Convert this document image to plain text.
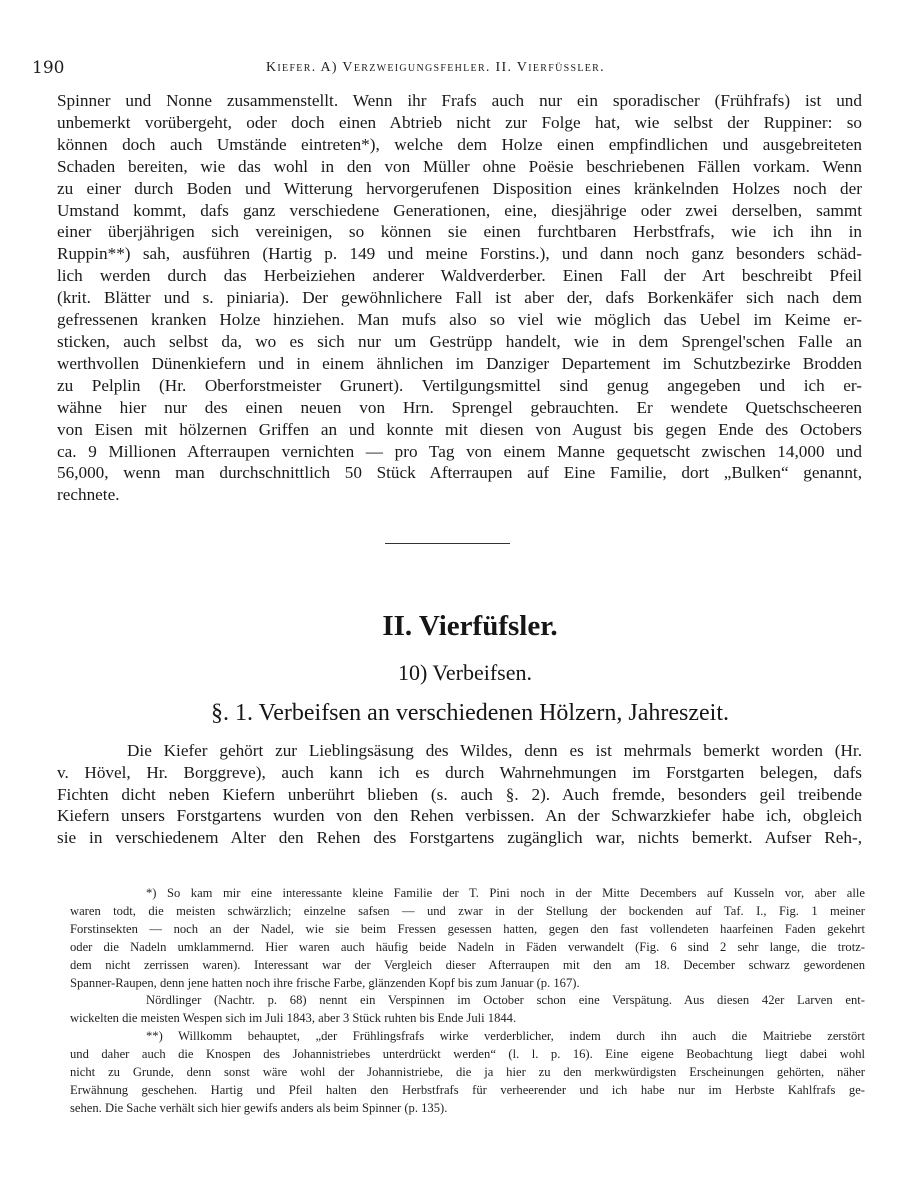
190	Kiefer. A) Verzweigungsfehler. II. Vierfüssler.
Spinner und Nonne zusammenstellt. Wenn ihr Frafs auch nur ein sporadischer (Frühfrafs) ist und
unbemerkt vorübergeht, oder doch einen Abtrieb nicht zur Folge hat, wie selbst der Ruppiner: so
können doch auch Umstände eintreten*), welche dem Holze einen empfindlichen und ausgebreiteten
Schaden bereiten, wie das wohl in den von Müller ohne Poësie beschriebenen Fällen vorkam. Wenn
zu einer durch Boden und Witterung hervorgerufenen Disposition eines kränkelnden Holzes noch der
Umstand kommt, dafs ganz verschiedene Generationen, eine, diesjährige oder zwei derselben, sammt
einer überjährigen sich vereinigen, so können sie einen furchtbaren Herbstfrafs, wie ich ihn in
Ruppin**) sah, ausführen (Hartig p. 149 und meine Forstins.), und dann noch ganz besonders schäd-
lich werden durch das Herbeiziehen anderer Waldverderber. Einen Fall der Art beschreibt Pfeil
(krit. Blätter und s. piniaria). Der gewöhnlichere Fall ist aber der, dafs Borkenkäfer sich nach dem
gefressenen kranken Holze hinziehen. Man mufs also so viel wie möglich das Uebel im Keime er-
sticken, auch selbst da, wo es sich nur um Gestrüpp handelt, wie in dem Sprengel'schen Falle an
werthvollen Dünenkiefern und in einem ähnlichen im Danziger Departement im Schutzbezirke Brodden
zu Pelplin (Hr. Oberforstmeister Grunert). Vertilgungsmittel sind genug angegeben und ich er-
wähne hier nur des einen neuen von Hrn. Sprengel gebrauchten. Er wendete Quetschscheeren
von Eisen mit hölzernen Griffen an und konnte mit diesen von August bis gegen Ende des Octobers
ca. 9 Millionen Afterraupen vernichten — pro Tag von einem Manne gequetscht zwischen 14,000 und
56,000, wenn man durchschnittlich 50 Stück Afterraupen auf Eine Familie, dort „Bulken“ genannt,
rechnete.
II. Vierfüfsler.
10) Verbeifsen.
§. 1. Verbeifsen an verschiedenen Hölzern, Jahreszeit.
Die Kiefer gehört zur Lieblingsäsung des Wildes, denn es ist mehrmals bemerkt worden (Hr.
v. Hövel, Hr. Borggreve), auch kann ich es durch Wahrnehmungen im Forstgarten belegen, dafs
Fichten dicht neben Kiefern unberührt blieben (s. auch §. 2). Auch fremde, besonders geil treibende
Kiefern unsers Forstgartens wurden von den Rehen verbissen. An der Schwarzkiefer habe ich, obgleich
sie in verschiedenem Alter den Rehen des Forstgartens zugänglich war, nichts bemerkt. Aufser Reh-,
*) So kam mir eine interessante kleine Familie der T. Pini noch in der Mitte Decembers auf Kusseln vor, aber alle
waren todt, die meisten schwärzlich; einzelne safsen — und zwar in der Stellung der bockenden auf Taf. I., Fig. 1 meiner
Forstinsekten — noch an der Nadel, wie sie beim Fressen gesessen hatten, gegen den fast vollendeten haarfeinen Faden gekehrt
oder die Nadeln umklammernd. Hier waren auch häufig beide Nadeln in Fäden verwandelt (Fig. 6 sind 2 sehr lange, die trotz-
dem nicht zerrissen waren). Interessant war der Vergleich dieser Afterraupen mit den am 18. December schwarz gewordenen
Spanner-Raupen, denn jene hatten noch ihre frische Farbe, glänzenden Kopf bis zum Januar (p. 167).
Nördlinger (Nachtr. p. 68) nennt ein Verspinnen im October schon eine Verspätung. Aus diesen 42er Larven ent-
wickelten die meisten Wespen sich im Juli 1843, aber 3 Stück ruhten bis Ende Juli 1844.
**) Willkomm behauptet, „der Frühlingsfrafs wirke verderblicher, indem durch ihn auch die Maitriebe zerstört
und daher auch die Knospen des Johannistriebes unterdrückt werden“ (l. l. p. 16). Eine eigene Beobachtung liegt dabei wohl
nicht zu Grunde, denn sonst wäre wohl der Johannistriebe, die ja hier zu den merkwürdigsten Erscheinungen gehörten, näher
Erwähnung geschehen. Hartig und Pfeil halten den Herbstfrafs für verheerender und ich habe nur im Herbste Kahlfrafs ge-
sehen. Die Sache verhält sich hier gewifs anders als beim Spinner (p. 135).
